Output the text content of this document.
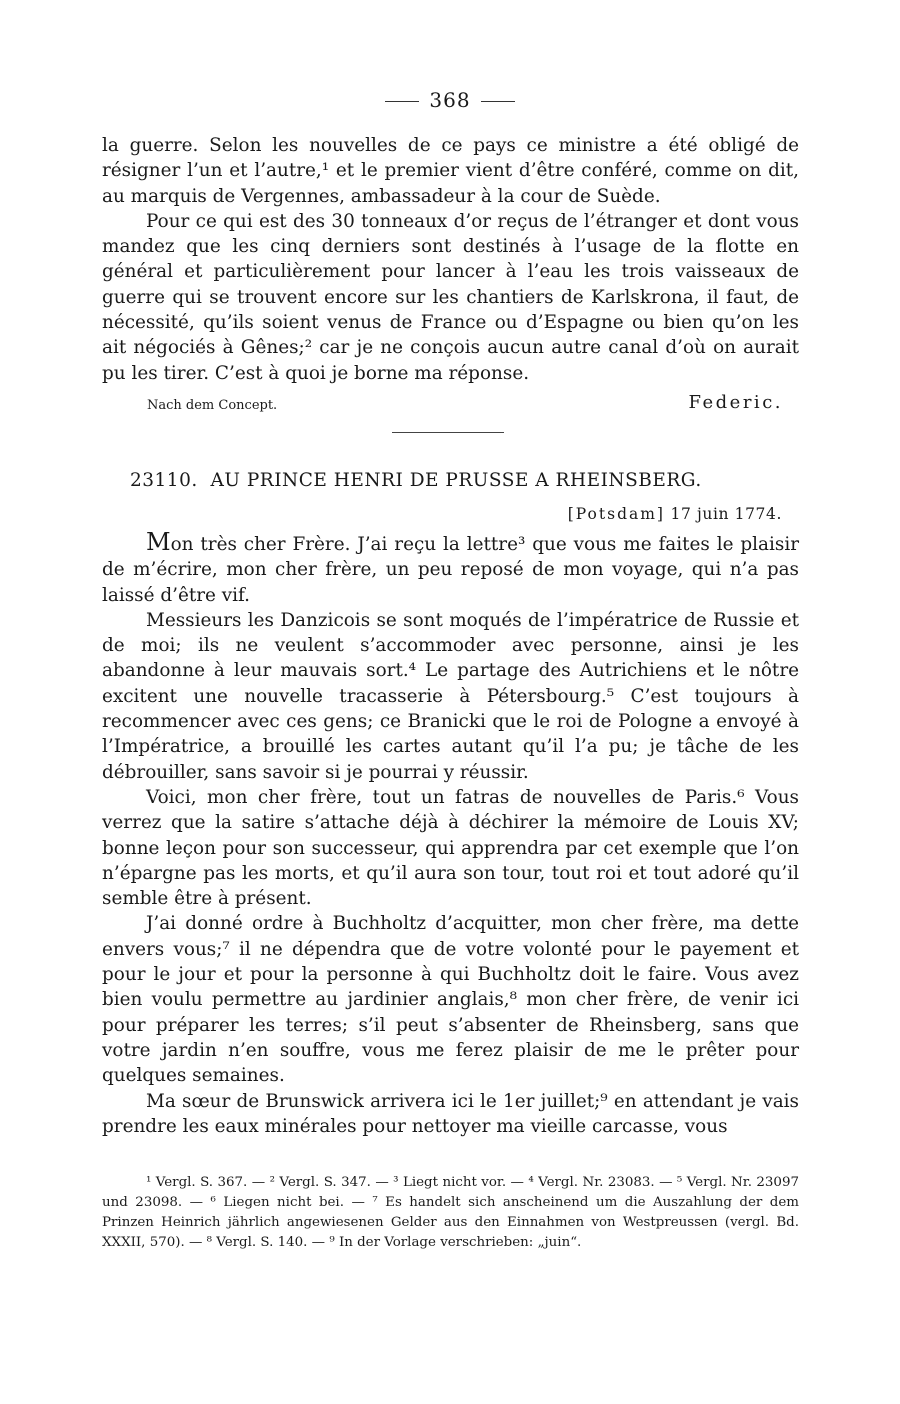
368

la guerre. Selon les nouvelles de ce pays ce ministre a été obligé de résigner l’un et l’autre,¹ et le premier vient d’être conféré, comme on dit, au marquis de Vergennes, ambassadeur à la cour de Suède.

Pour ce qui est des 30 tonneaux d’or reçus de l’étranger et dont vous mandez que les cinq derniers sont destinés à l’usage de la flotte en général et particulièrement pour lancer à l’eau les trois vaisseaux de guerre qui se trouvent encore sur les chantiers de Karlskrona, il faut, de nécessité, qu’ils soient venus de France ou d’Espagne ou bien qu’on les ait négociés à Gênes;² car je ne conçois aucun autre canal d’où on aurait pu les tirer. C’est à quoi je borne ma réponse.

Nach dem Concept.	Federic.
23110. AU PRINCE HENRI DE PRUSSE A RHEINSBERG.
[Potsdam] 17 juin 1774.

Mon très cher Frère. J’ai reçu la lettre³ que vous me faites le plaisir de m’écrire, mon cher frère, un peu reposé de mon voyage, qui n’a pas laissé d’être vif.

Messieurs les Danzicois se sont moqués de l’impératrice de Russie et de moi; ils ne veulent s’accommoder avec personne, ainsi je les abandonne à leur mauvais sort.⁴ Le partage des Autrichiens et le nôtre excitent une nouvelle tracasserie à Pétersbourg.⁵ C’est toujours à recommencer avec ces gens; ce Branicki que le roi de Pologne a envoyé à l’Impératrice, a brouillé les cartes autant qu’il l’a pu; je tâche de les débrouiller, sans savoir si je pourrai y réussir.

Voici, mon cher frère, tout un fatras de nouvelles de Paris.⁶ Vous verrez que la satire s’attache déjà à déchirer la mémoire de Louis XV; bonne leçon pour son successeur, qui apprendra par cet exemple que l’on n’épargne pas les morts, et qu’il aura son tour, tout roi et tout adoré qu’il semble être à présent.

J’ai donné ordre à Buchholtz d’acquitter, mon cher frère, ma dette envers vous;⁷ il ne dépendra que de votre volonté pour le payement et pour le jour et pour la personne à qui Buchholtz doit le faire. Vous avez bien voulu permettre au jardinier anglais,⁸ mon cher frère, de venir ici pour préparer les terres; s’il peut s’absenter de Rheinsberg, sans que votre jardin n’en souffre, vous me ferez plaisir de me le prêter pour quelques semaines.

Ma sœur de Brunswick arrivera ici le 1er juillet;⁹ en attendant je vais prendre les eaux minérales pour nettoyer ma vieille carcasse, vous

¹ Vergl. S. 367. — ² Vergl. S. 347. — ³ Liegt nicht vor. — ⁴ Vergl. Nr. 23083. — ⁵ Vergl. Nr. 23097 und 23098. — ⁶ Liegen nicht bei. — ⁷ Es handelt sich anscheinend um die Auszahlung der dem Prinzen Heinrich jährlich angewiesenen Gelder aus den Einnahmen von Westpreussen (vergl. Bd. XXXII, 570). — ⁸ Vergl. S. 140. — ⁹ In der Vorlage verschrieben: „juin“.
